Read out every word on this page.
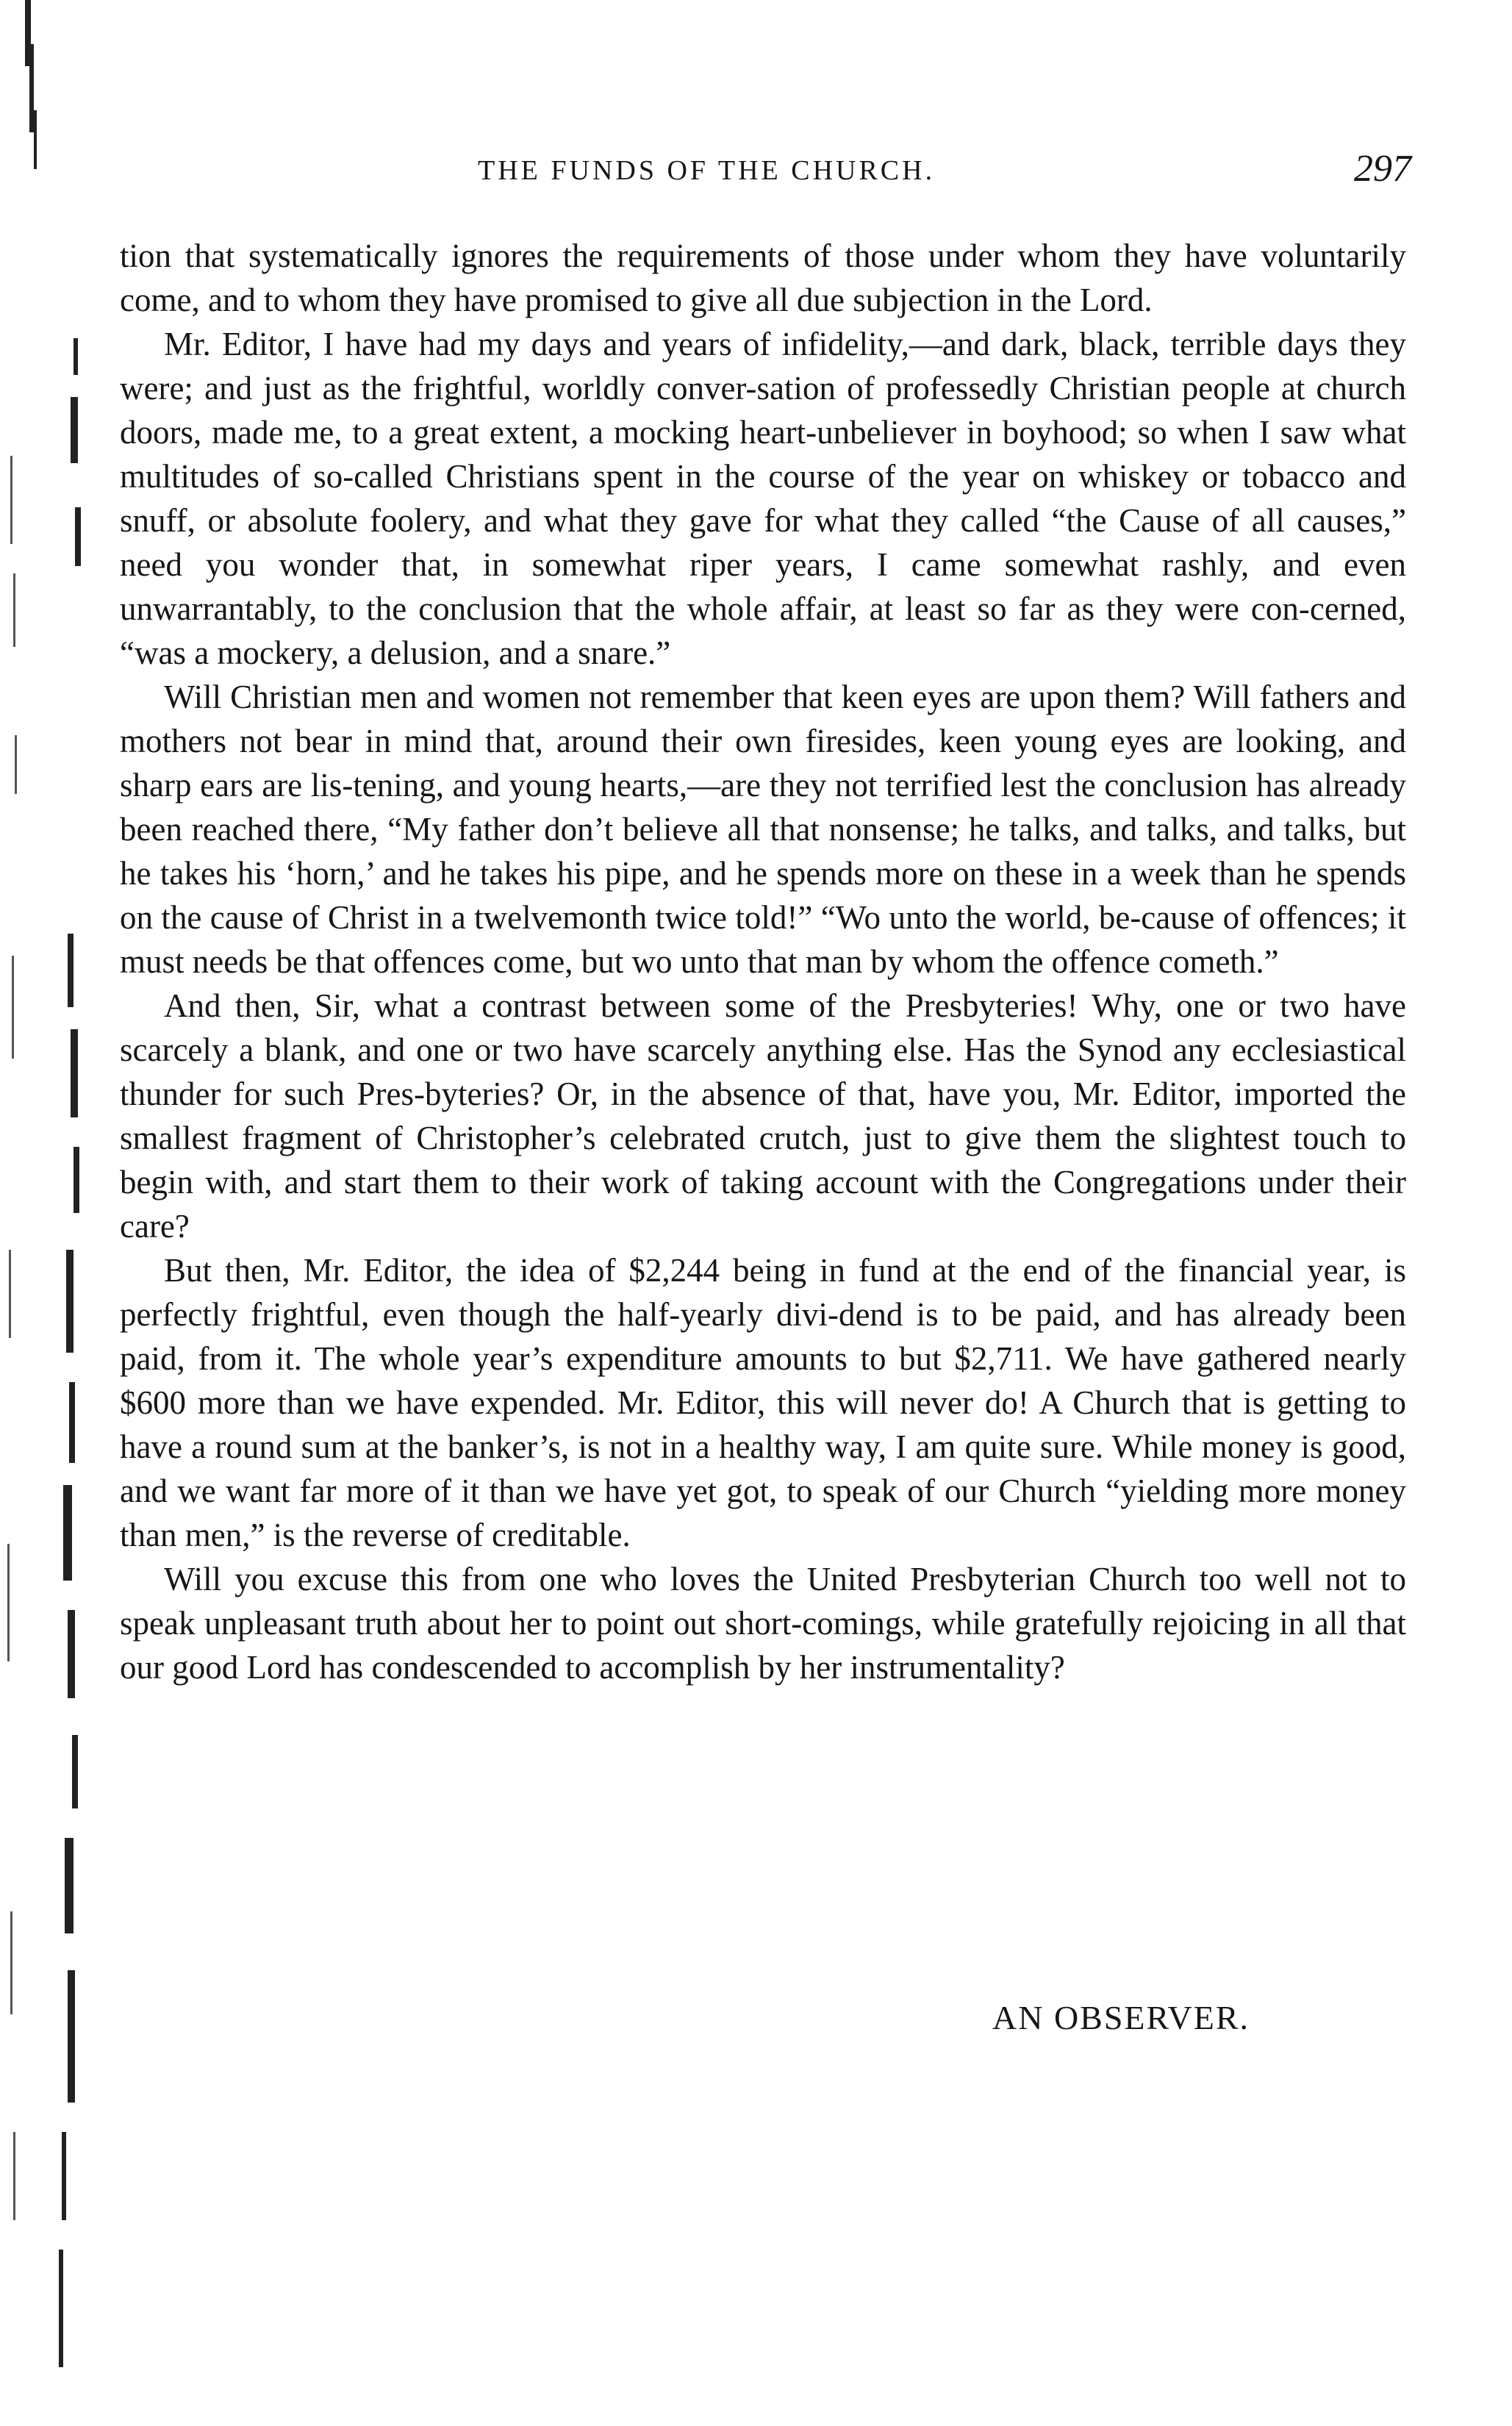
THE FUNDS OF THE CHURCH.	297

tion that systematically ignores the requirements of those under whom they have voluntarily come, and to whom they have promised to give all due subjection in the Lord.

Mr. Editor, I have had my days and years of infidelity,—and dark, black, terrible days they were; and just as the frightful, worldly conver-sation of professedly Christian people at church doors, made me, to a great extent, a mocking heart-unbeliever in boyhood; so when I saw what multitudes of so-called Christians spent in the course of the year on whiskey or tobacco and snuff, or absolute foolery, and what they gave for what they called “the Cause of all causes,” need you wonder that, in somewhat riper years, I came somewhat rashly, and even unwarrantably, to the conclusion that the whole affair, at least so far as they were con-cerned, “was a mockery, a delusion, and a snare.”

Will Christian men and women not remember that keen eyes are upon them? Will fathers and mothers not bear in mind that, around their own firesides, keen young eyes are looking, and sharp ears are lis-tening, and young hearts,—are they not terrified lest the conclusion has already been reached there, “My father don’t believe all that nonsense; he talks, and talks, and talks, but he takes his ‘horn,’ and he takes his pipe, and he spends more on these in a week than he spends on the cause of Christ in a twelvemonth twice told!” “Wo unto the world, be-cause of offences; it must needs be that offences come, but wo unto that man by whom the offence cometh.”

And then, Sir, what a contrast between some of the Presbyteries! Why, one or two have scarcely a blank, and one or two have scarcely anything else. Has the Synod any ecclesiastical thunder for such Pres-byteries? Or, in the absence of that, have you, Mr. Editor, imported the smallest fragment of Christopher’s celebrated crutch, just to give them the slightest touch to begin with, and start them to their work of taking account with the Congregations under their care?

But then, Mr. Editor, the idea of $2,244 being in fund at the end of the financial year, is perfectly frightful, even though the half-yearly divi-dend is to be paid, and has already been paid, from it. The whole year’s expenditure amounts to but $2,711. We have gathered nearly $600 more than we have expended. Mr. Editor, this will never do! A Church that is getting to have a round sum at the banker’s, is not in a healthy way, I am quite sure. While money is good, and we want far more of it than we have yet got, to speak of our Church “yielding more money than men,” is the reverse of creditable.

Will you excuse this from one who loves the United Presbyterian Church too well not to speak unpleasant truth about her to point out short-comings, while gratefully rejoicing in all that our good Lord has condescended to accomplish by her instrumentality?

AN OBSERVER.
